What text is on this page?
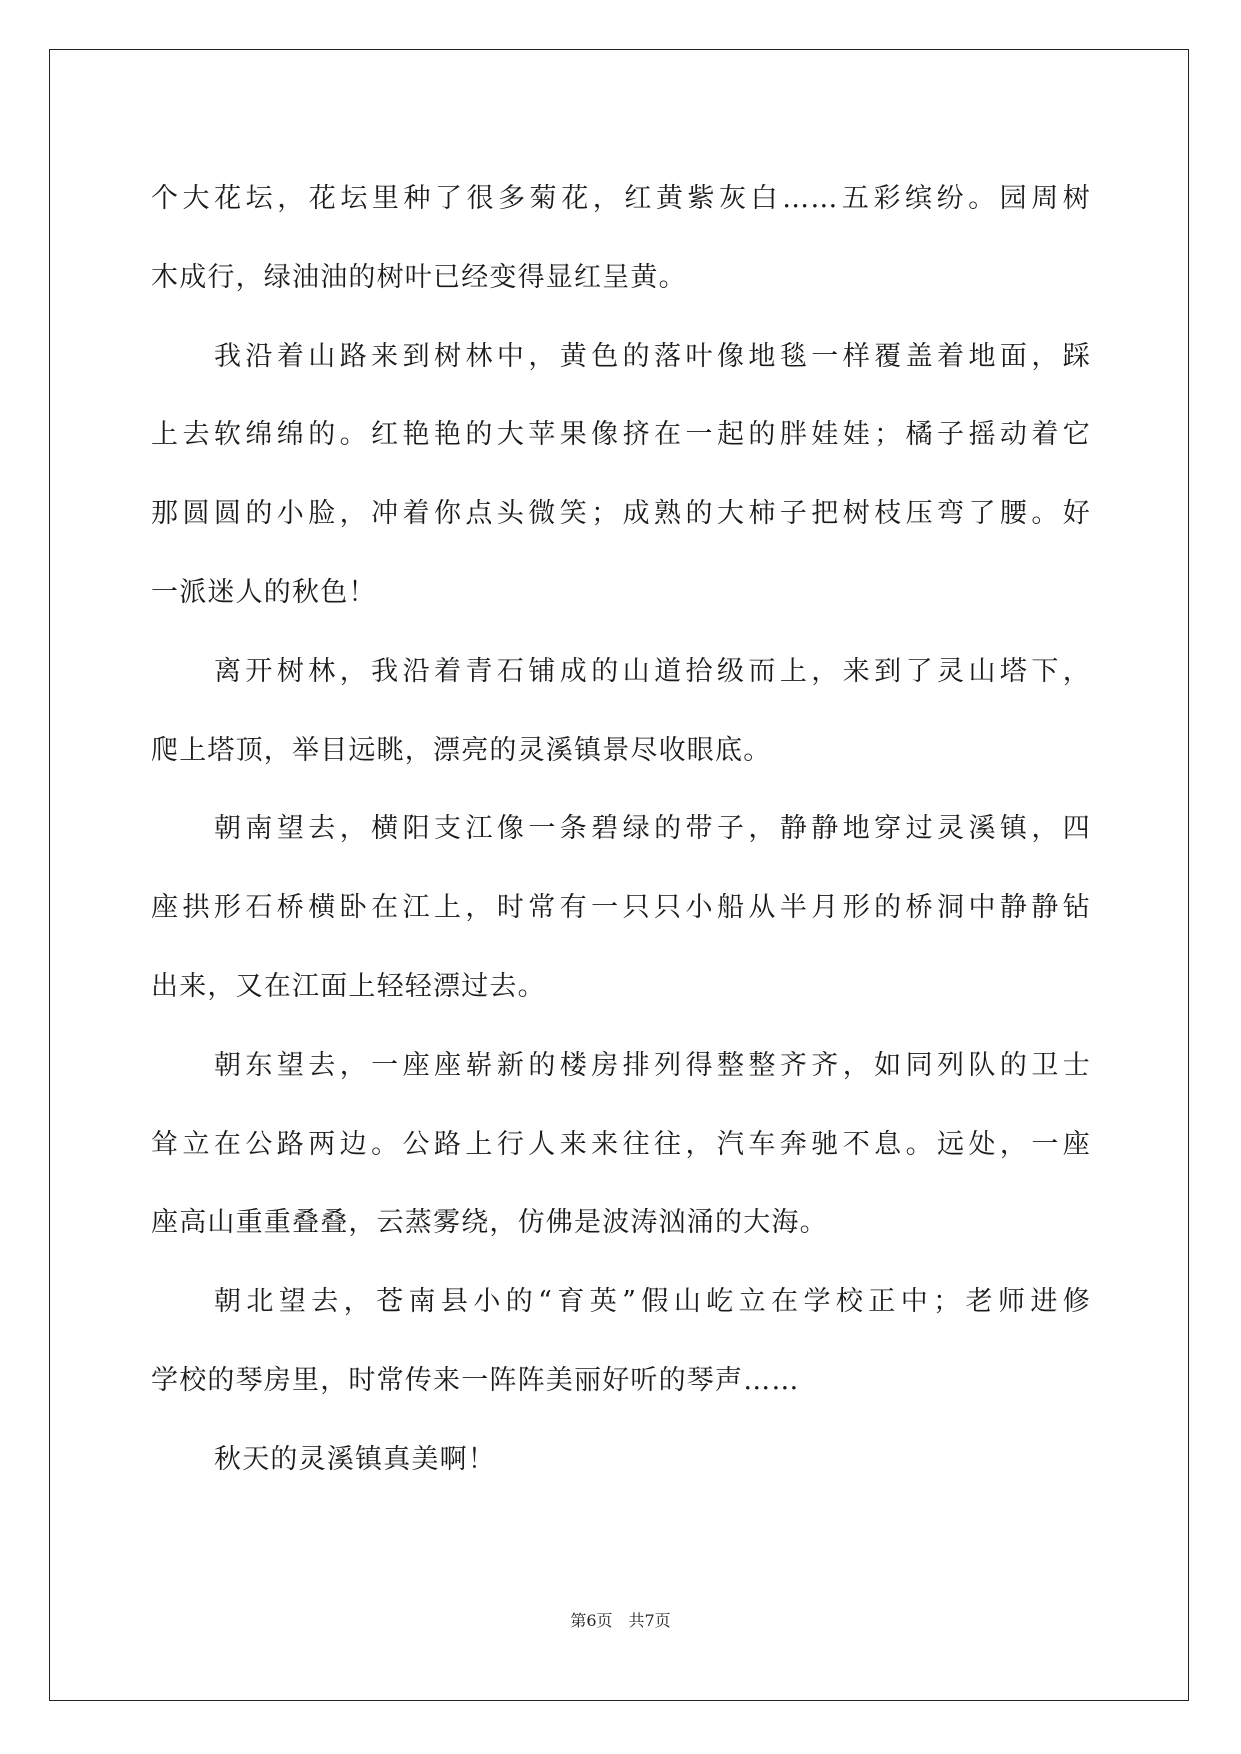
个大花坛，花坛里种了很多菊花，红黄紫灰白……五彩缤纷。园周树
木成行，绿油油的树叶已经变得显红呈黄。
我沿着山路来到树林中，黄色的落叶像地毯一样覆盖着地面，踩
上去软绵绵的。红艳艳的大苹果像挤在一起的胖娃娃；橘子摇动着它
那圆圆的小脸，冲着你点头微笑；成熟的大柿子把树枝压弯了腰。好
一派迷人的秋色！
离开树林，我沿着青石铺成的山道拾级而上，来到了灵山塔下，
爬上塔顶，举目远眺，漂亮的灵溪镇景尽收眼底。
朝南望去，横阳支江像一条碧绿的带子，静静地穿过灵溪镇，四
座拱形石桥横卧在江上，时常有一只只小船从半月形的桥洞中静静钻
出来，又在江面上轻轻漂过去。
朝东望去，一座座崭新的楼房排列得整整齐齐，如同列队的卫士
耸立在公路两边。公路上行人来来往往，汽车奔驰不息。远处，一座
座高山重重叠叠，云蒸雾绕，仿佛是波涛汹涌的大海。
朝北望去，苍南县小的“育英”假山屹立在学校正中；老师进修
学校的琴房里，时常传来一阵阵美丽好听的琴声……
秋天的灵溪镇真美啊！
第6页　共7页
